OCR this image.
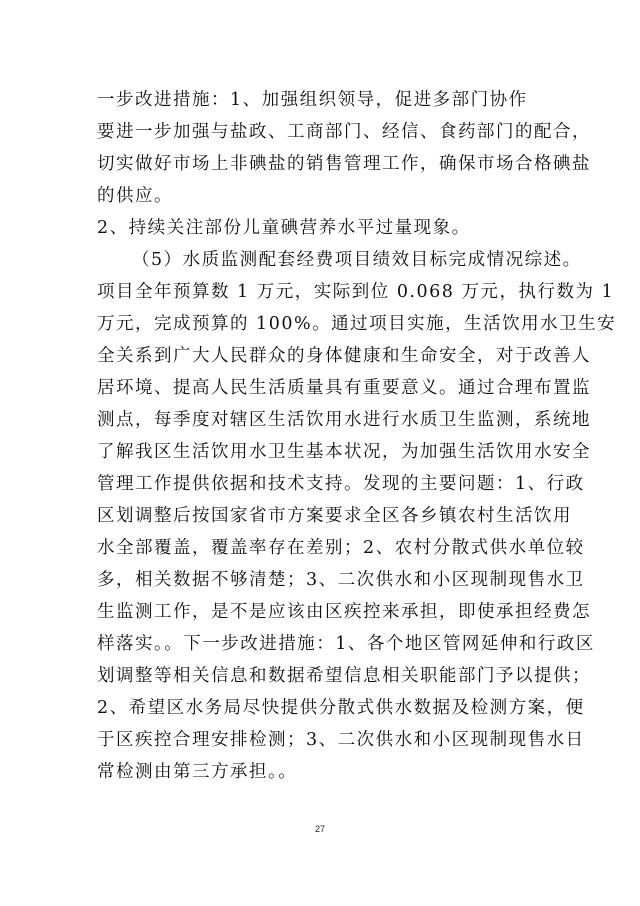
一步改进措施：1、加强组织领导，促进多部门协作
要进一步加强与盐政、工商部门、经信、食药部门的配合，
切实做好市场上非碘盐的销售管理工作，确保市场合格碘盐
的供应。
2、持续关注部份儿童碘营养水平过量现象。
（5）水质监测配套经费项目绩效目标完成情况综述。
项目全年预算数 1 万元，实际到位 0.068 万元，执行数为 1
万元，完成预算的 100%。通过项目实施，生活饮用水卫生安
全关系到广大人民群众的身体健康和生命安全，对于改善人
居环境、提高人民生活质量具有重要意义。通过合理布置监
测点，每季度对辖区生活饮用水进行水质卫生监测，系统地
了解我区生活饮用水卫生基本状况，为加强生活饮用水安全
管理工作提供依据和技术支持。发现的主要问题：1、行政
区划调整后按国家省市方案要求全区各乡镇农村生活饮用
水全部覆盖，覆盖率存在差别；2、农村分散式供水单位较
多，相关数据不够清楚；3、二次供水和小区现制现售水卫
生监测工作，是不是应该由区疾控来承担，即使承担经费怎
样落实。。下一步改进措施：1、各个地区管网延伸和行政区
划调整等相关信息和数据希望信息相关职能部门予以提供；
2、希望区水务局尽快提供分散式供水数据及检测方案，便
于区疾控合理安排检测；3、二次供水和小区现制现售水日
常检测由第三方承担。。
27
